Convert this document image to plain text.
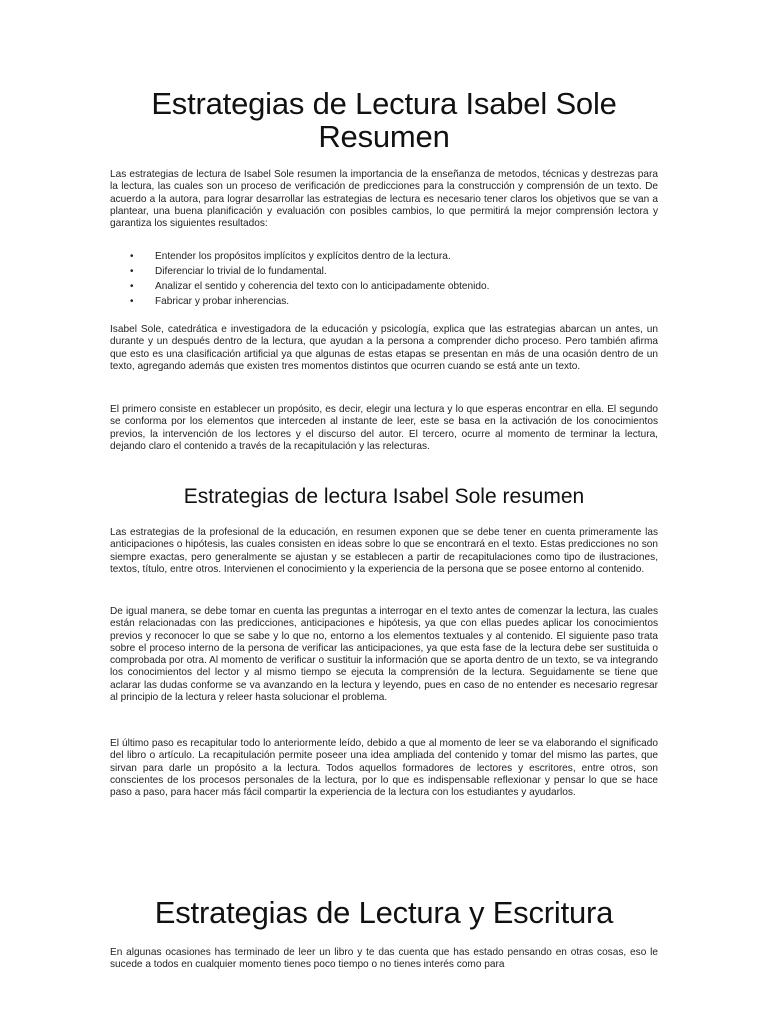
Estrategias de Lectura Isabel Sole Resumen

Las estrategias de lectura de Isabel Sole resumen la importancia de la enseñanza de metodos, técnicas y destrezas para la lectura, las cuales son un proceso de verificación de predicciones para la construcción y comprensión de un texto. De acuerdo a la autora, para lograr desarrollar las estrategias de lectura es necesario tener claros los objetivos que se van a plantear, una buena planificación y evaluación con posibles cambios, lo que permitirá la mejor comprensión lectora y garantiza los siguientes resultados:

• Entender los propósitos implícitos y explícitos dentro de la lectura.
• Diferenciar lo trivial de lo fundamental.
• Analizar el sentido y coherencia del texto con lo anticipadamente obtenido.
• Fabricar y probar inherencias.

Isabel Sole, catedrática e investigadora de la educación y psicología, explica que las estrategias abarcan un antes, un durante y un después dentro de la lectura, que ayudan a la persona a comprender dicho proceso. Pero también afirma que esto es una clasificación artificial ya que algunas de estas etapas se presentan en más de una ocasión dentro de un texto, agregando además que existen tres momentos distintos que ocurren cuando se está ante un texto.

El primero consiste en establecer un propósito, es decir, elegir una lectura y lo que esperas encontrar en ella. El segundo se conforma por los elementos que interceden al instante de leer, este se basa en la activación de los conocimientos previos, la intervención de los lectores y el discurso del autor. El tercero, ocurre al momento de terminar la lectura, dejando claro el contenido a través de la recapitulación y las relecturas.

Estrategias de lectura Isabel Sole resumen

Las estrategias de la profesional de la educación, en resumen exponen que se debe tener en cuenta primeramente las anticipaciones o hipótesis, las cuales consisten en ideas sobre lo que se encontrará en el texto. Estas predicciones no son siempre exactas, pero generalmente se ajustan y se establecen a partir de recapitulaciones como tipo de ilustraciones, textos, título, entre otros. Intervienen el conocimiento y la experiencia de la persona que se posee entorno al contenido.

De igual manera, se debe tomar en cuenta las preguntas a interrogar en el texto antes de comenzar la lectura, las cuales están relacionadas con las predicciones, anticipaciones e hipótesis, ya que con ellas puedes aplicar los conocimientos previos y reconocer lo que se sabe y lo que no, entorno a los elementos textuales y al contenido. El siguiente paso trata sobre el proceso interno de la persona de verificar las anticipaciones, ya que esta fase de la lectura debe ser sustituida o comprobada por otra. Al momento de verificar o sustituir la información que se aporta dentro de un texto, se va integrando los conocimientos del lector y al mismo tiempo se ejecuta la comprensión de la lectura. Seguidamente se tiene que aclarar las dudas conforme se va avanzando en la lectura y leyendo, pues en caso de no entender es necesario regresar al principio de la lectura y releer hasta solucionar el problema.

El último paso es recapitular todo lo anteriormente leído, debido a que al momento de leer se va elaborando el significado del libro o artículo. La recapitulación permite poseer una idea ampliada del contenido y tomar del mismo las partes, que sirvan para darle un propósito a la lectura. Todos aquellos formadores de lectores y escritores, entre otros, son conscientes de los procesos personales de la lectura, por lo que es indispensable reflexionar y pensar lo que se hace paso a paso, para hacer más fácil compartir la experiencia de la lectura con los estudiantes y ayudarlos.

Estrategias de Lectura y Escritura

En algunas ocasiones has terminado de leer un libro y te das cuenta que has estado pensando en otras cosas, eso le sucede a todos en cualquier momento tienes poco tiempo o no tienes interés como para
